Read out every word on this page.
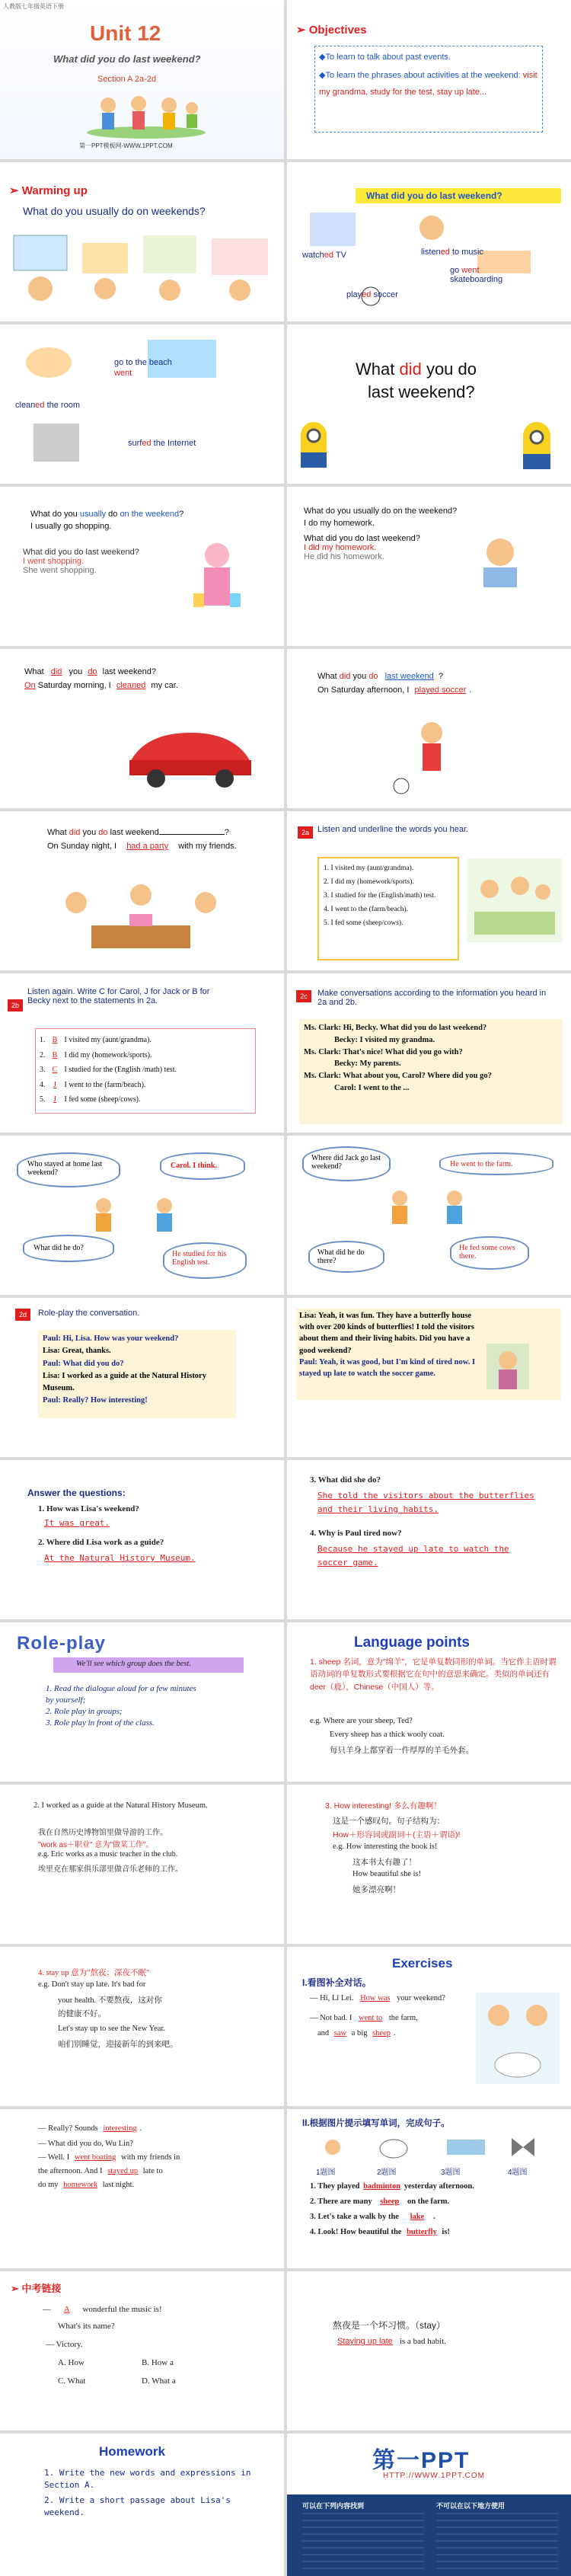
人教版七年级英语下册
Unit 12
What did you do last weekend?
Section A 2a-2d
第一PPT模板网-WWW.1PPT.COM
➢ Objectives
◆To learn to talk about past events.
◆To learn the phrases about activities at the weekend: visit my grandma, study for the test, stay up late...
➢ Warming up
What do you usually do on weekends?
What did you do last weekend?
watched TV	listened to music
go went skateboarding
played soccer
go to the beach
went
cleaned the room
surfed the Internet
What did you do
last weekend?
What do you usually do on the weekend?
I usually go shopping.
What did you do last weekend?
I went shopping.
She went shopping.
What do you usually do on the weekend?
I do my homework.
What did you do last weekend?
I did my homework.
He did his homework.
What did you do last weekend?
On Saturday morning, I cleaned my car.
What did you do last weekend ?
On Saturday afternoon, I played soccer .
What did you do last weekend	?
On Sunday night, I had a party with my friends.
2a	Listen and underline the words you hear.
1. I visited my (aunt/grandma).
2. I did my (homework/sports).
3. I studied for the (English/math) test.
4. I went to the (farm/beach).
5. I fed some (sheep/cows).
2b
Listen again. Write C for Carol, J for Jack or B for Becky next to the statements in 2a.
1. B I visited my (aunt/grandma).
2. B I did my (homework/sports).
3. C I studied for the (English /math) test.
4. J I went to the (farm/beach).
5. J I fed some (sheep/cows).
2c	Make conversations according to the information you heard in 2a and 2b.
Ms. Clark: Hi, Becky. What did you do last weekend?
Becky: I visited my grandma.
Ms. Clark: That's nice! What did you go with?
Becky: My parents.
Ms. Clark: What about you, Carol? Where did you go?
Carol: I went to the ...
Who stayed at home last weekend?
Carol. I think.
What did he do?
He studied for his English test.
Where did Jack go last weekend?	He went to the farm.
What did he do there?
He fed some cows there.
2d	Role-play the conversation.
Paul: Hi, Lisa. How was your weekend?
Lisa: Great, thanks.
Paul: What did you do?
Lisa: I worked as a guide at the Natural History Museum.
Paul: Really? How interesting!
Lisa: Yeah, it was fun. They have a butterfly house with over 200 kinds of butterflies! I told the visitors about them and their living habits. Did you have a good weekend?
Paul: Yeah, it was good, but I'm kind of tired now. I stayed up late to watch the soccer game.
Answer the questions:
1. How was Lisa's weekend?
It was great.
2. Where did Lisa work as a guide?
At the Natural History Museum.
3. What did she do?
She told the visitors about the butterflies and their living habits.
4. Why is Paul tired now?
Because he stayed up late to watch the soccer game.
Role-play
We'll see which group does the best.
1. Read the dialogue aloud for a few minutes by yourself;
2. Role play in groups;
3. Role play in front of the class.
Language points
1. sheep 名词，意为"绵羊"，它是单复数同形的单词。当它作主语时谓语动词的单复数形式要根据它在句中的意思来确定。类似的单词还有deer（鹿），Chinese（中国人）等。
e.g. Where are your sheep, Ted?
Every sheep has a thick wooly coat.
每只羊身上都穿着一件厚厚的羊毛外套。
2. I worked as a guide at the Natural History Museum.
我在自然历史博物馆里做导游的工作。
"work as＋职业" 意为"做某工作"。
e.g. Eric works as a music teacher in the club.
埃里克在那家俱乐部里做音乐老师的工作。
3. How interesting! 多么有趣啊！
这是一个感叹句。句子结构为：
How＋形容词或副词＋(主语＋谓语)!
e.g. How interesting the book is!
这本书太有趣了！
How beautiful she is!
她多漂亮啊！
4. stay up 意为"熬夜；深夜不眠"
e.g. Don't stay up late. It's bad for
your health. 不要熬夜，这对你
的健康不好。
Let's stay up to see the New Year.
咱们别睡觉，迎接新年的到来吧。
Exercises
I.看图补全对话。
— Hi, Li Lei. How was your weekend?
— Not bad. I went to the farm,
and saw a big sheep .
— Really? Sounds interesting .
— What did you do, Wu Lin?
— Well. I went boating with my friends in
the afternoon. And I stayed up late to
do my homework last night.
II.根据图片提示填写单词，完成句子。
1题图	2题图	3题图	4题图
1. They played badminton yesterday afternoon.
2. There are many sheep on the farm.
3. Let's take a walk by the lake .
4. Look! How beautiful the butterfly is!
➢ 中考链接
— A wonderful the music is!
What's its name?
— Victory.
A. How	B. How a
C. What	D. What a
熬夜是一个坏习惯。（stay）
Staying up late is a bad habit.
Homework
1. Write the new words and expressions in Section A.
2. Write a short passage about Lisa's weekend.
第一PPT
HTTP://WWW.1PPT.COM
可以在下列内容找到	不可以在以下地方使用
